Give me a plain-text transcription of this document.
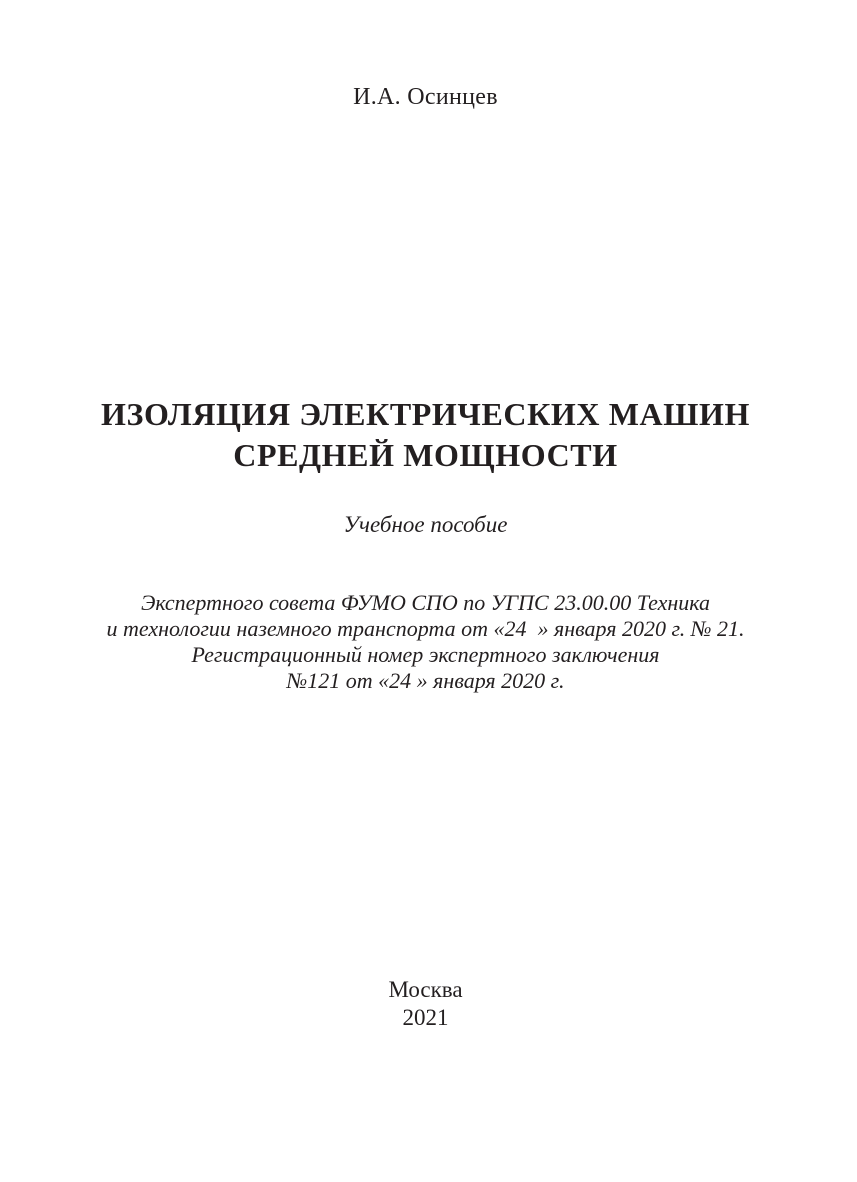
И.А. Осинцев
ИЗОЛЯЦИЯ ЭЛЕКТРИЧЕСКИХ МАШИН
СРЕДНЕЙ МОЩНОСТИ
Учебное пособие
Экспертного совета ФУМО СПО по УГПС 23.00.00 Техника
и технологии наземного транспорта от «24  » января 2020 г. № 21.
Регистрационный номер экспертного заключения
№121 от «24 » января 2020 г.
Москва
2021
